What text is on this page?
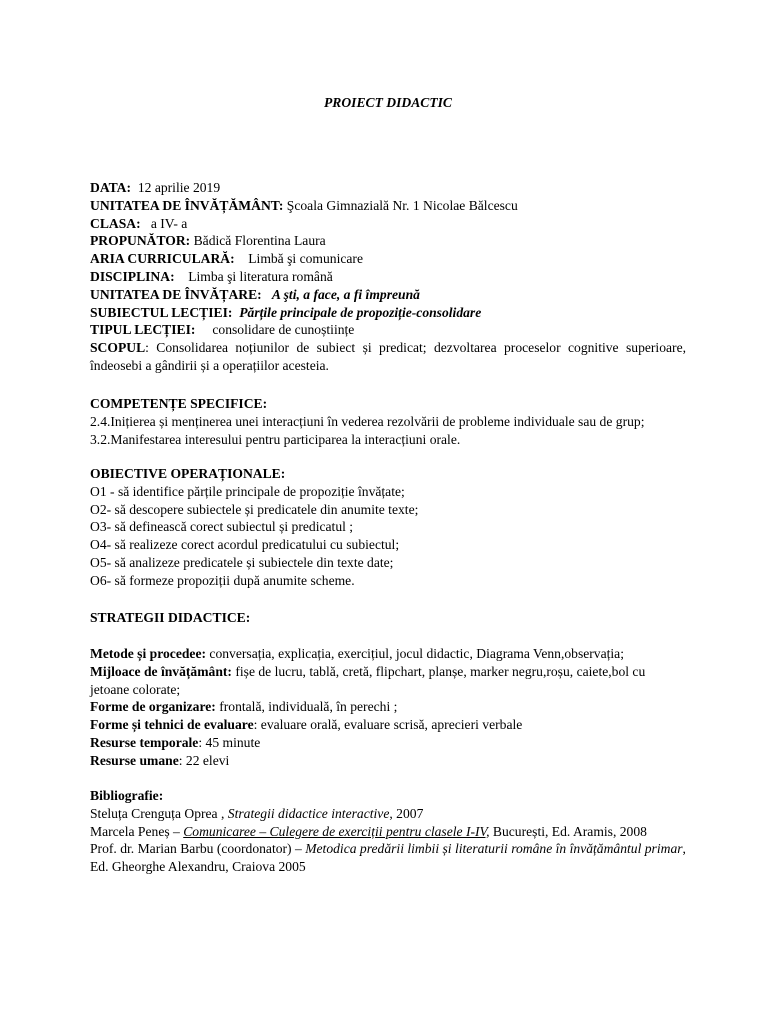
PROIECT DIDACTIC
DATA: 12 aprilie 2019
UNITATEA DE ÎNVĂȚĂMÂNT: Şcoala Gimnazială Nr. 1 Nicolae Bălcescu
CLASA: a IV- a
PROPUNĂTOR: Bădică Florentina Laura
ARIA CURRICULARĂ: Limbă şi comunicare
DISCIPLINA: Limba şi literatura română
UNITATEA DE ÎNVĂȚARE: A şti, a face, a fi împreună
SUBIECTUL LECȚIEI: Părțile principale de propoziție-consolidare
TIPUL LECȚIEI: consolidare de cunoștiințe
SCOPUL: Consolidarea noțiunilor de subiect și predicat; dezvoltarea proceselor cognitive superioare, îndeosebi a gândirii și a operațiilor acesteia.
COMPETENȚE SPECIFICE:
2.4.Inițierea și menținerea unei interacțiuni în vederea rezolvării de probleme individuale sau de grup;
3.2.Manifestarea interesului pentru participarea la interacțiuni orale.
OBIECTIVE OPERAȚIONALE:
O1 - să identifice părțile principale de propoziție învățate;
O2- să descopere subiectele și predicatele din anumite texte;
O3- să definească corect subiectul și predicatul ;
O4- să realizeze corect acordul predicatului cu subiectul;
O5- să analizeze predicatele și subiectele din texte date;
O6- să formeze propoziții după anumite scheme.
STRATEGII DIDACTICE:
Metode și procedee: conversația, explicația, exercițiul, jocul didactic, Diagrama Venn,observația;
Mijloace de învățământ: fișe de lucru, tablă, cretă, flipchart, planșe, marker negru,roșu, caiete,bol cu jetoane colorate;
Forme de organizare: frontală, individuală, în perechi ;
Forme și tehnici de evaluare: evaluare orală, evaluare scrisă, aprecieri verbale
Resurse temporale: 45 minute
Resurse umane: 22 elevi
Bibliografie:
Steluța Crenguța Oprea , Strategii didactice interactive, 2007
Marcela Peneș – Comunicaree – Culegere de exerciții pentru clasele I-IV, București, Ed. Aramis, 2008
Prof. dr. Marian Barbu (coordonator) – Metodica predării limbii și literaturii române în învățământul primar, Ed. Gheorghe Alexandru, Craiova 2005
